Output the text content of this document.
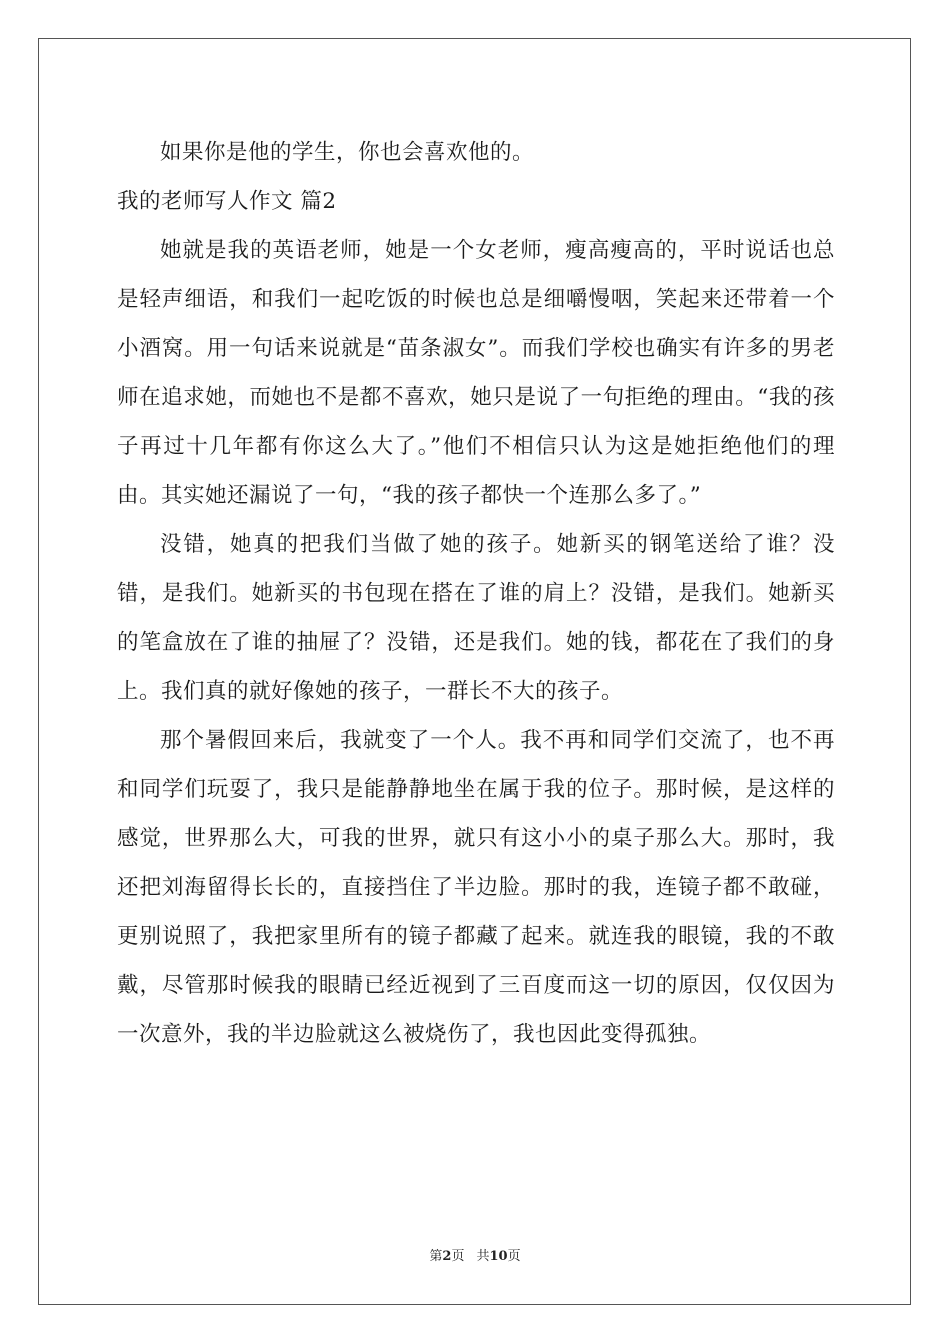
如果你是他的学生，你也会喜欢他的。

我的老师写人作文 篇2

她就是我的英语老师，她是一个女老师，瘦高瘦高的，平时说话也总是轻声细语，和我们一起吃饭的时候也总是细嚼慢咽，笑起来还带着一个小酒窝。用一句话来说就是“苗条淑女”。而我们学校也确实有许多的男老师在追求她，而她也不是都不喜欢，她只是说了一句拒绝的理由。“我的孩子再过十几年都有你这么大了。”他们不相信只认为这是她拒绝他们的理由。其实她还漏说了一句，“我的孩子都快一个连那么多了。”

没错，她真的把我们当做了她的孩子。她新买的钢笔送给了谁？没错，是我们。她新买的书包现在搭在了谁的肩上？没错，是我们。她新买的笔盒放在了谁的抽屉了？没错，还是我们。她的钱，都花在了我们的身上。我们真的就好像她的孩子，一群长不大的孩子。

那个暑假回来后，我就变了一个人。我不再和同学们交流了，也不再和同学们玩耍了，我只是能静静地坐在属于我的位子。那时候，是这样的感觉，世界那么大，可我的世界，就只有这小小的桌子那么大。那时，我还把刘海留得长长的，直接挡住了半边脸。那时的我，连镜子都不敢碰，更别说照了，我把家里所有的镜子都藏了起来。就连我的眼镜，我的不敢戴，尽管那时候我的眼睛已经近视到了三百度而这一切的原因，仅仅因为一次意外，我的半边脸就这么被烧伤了，我也因此变得孤独。

第2页 共10页
